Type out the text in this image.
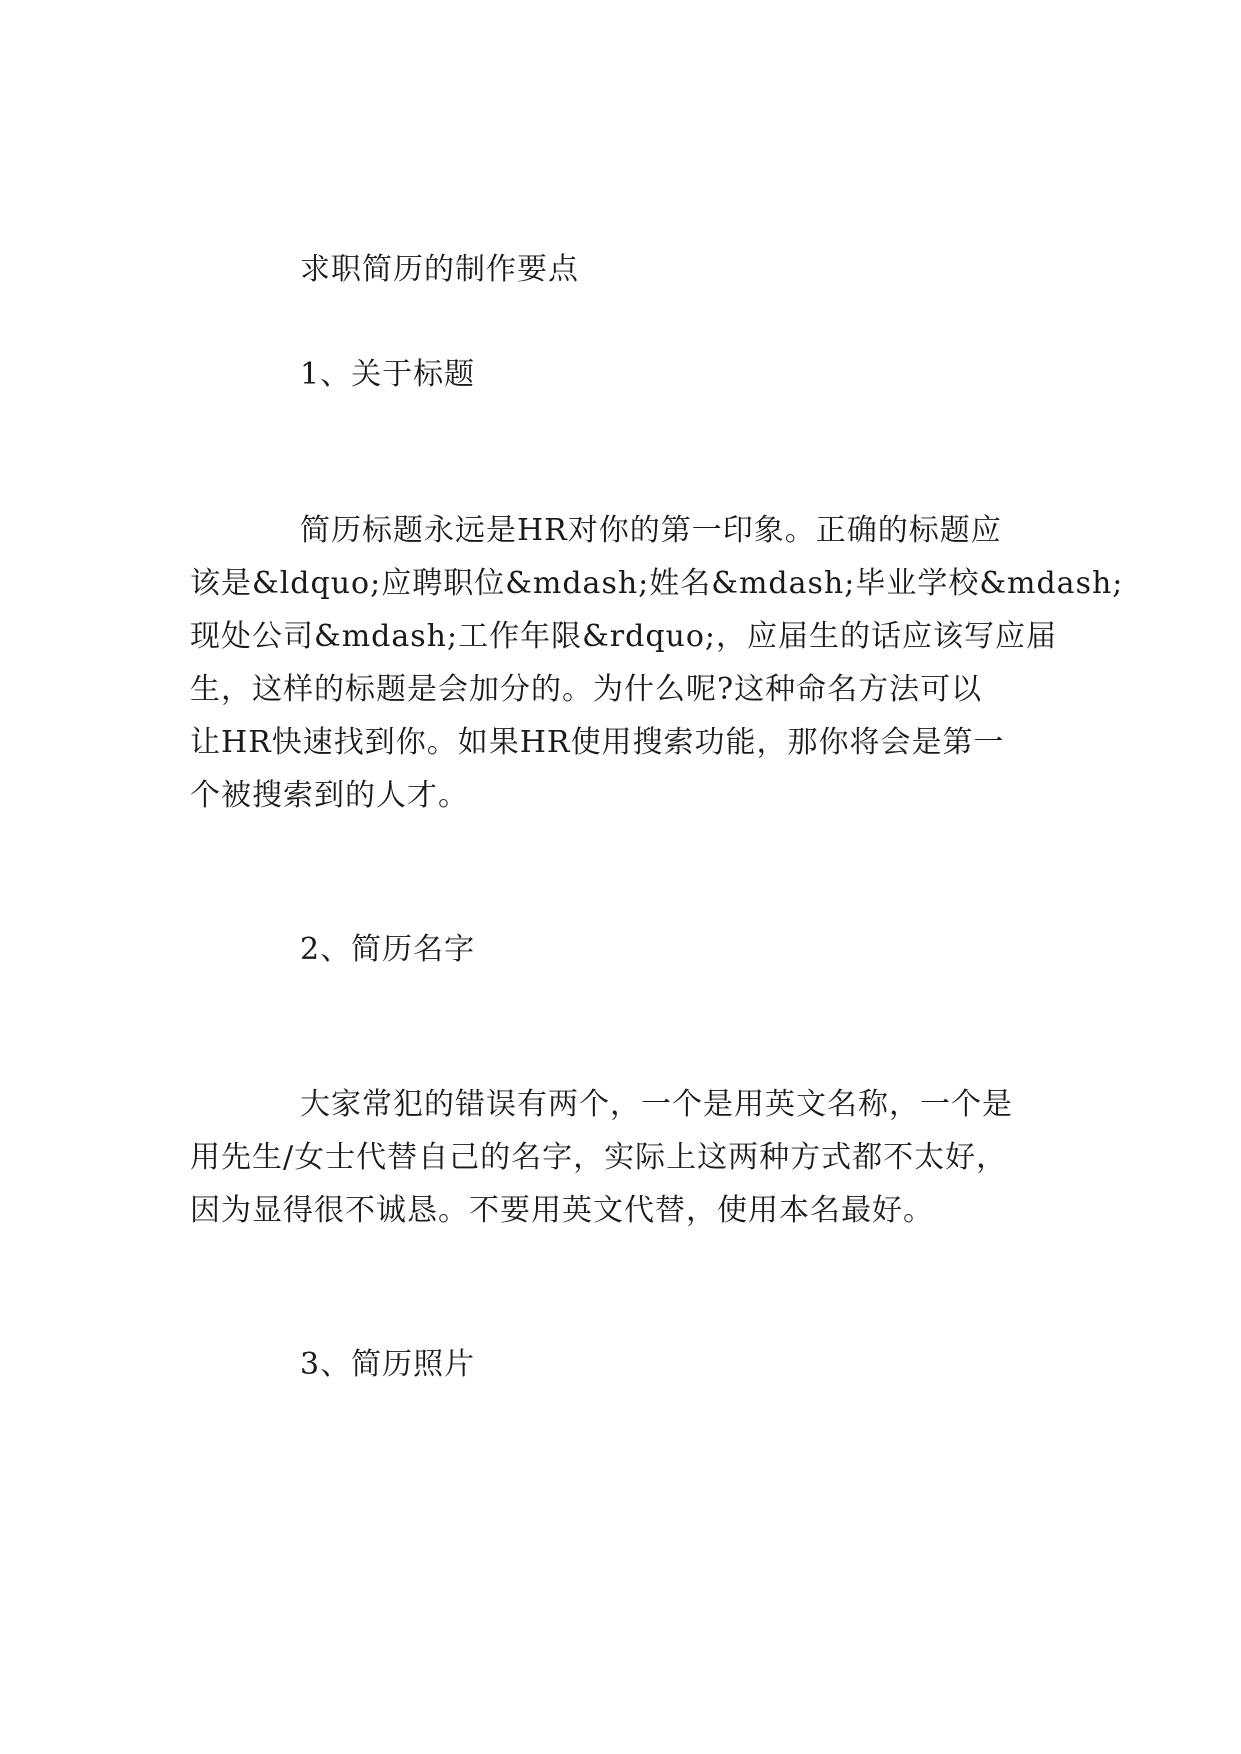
求职简历的制作要点
1、关于标题
简历标题永远是HR对你的第一印象。正确的标题应
该是&ldquo;应聘职位&mdash;姓名&mdash;毕业学校&mdash;
现处公司&mdash;工作年限&rdquo;，应届生的话应该写应届
生，这样的标题是会加分的。为什么呢?这种命名方法可以
让HR快速找到你。如果HR使用搜索功能，那你将会是第一
个被搜索到的人才。
2、简历名字
大家常犯的错误有两个，一个是用英文名称，一个是
用先生/女士代替自己的名字，实际上这两种方式都不太好，
因为显得很不诚恳。不要用英文代替，使用本名最好。
3、简历照片
